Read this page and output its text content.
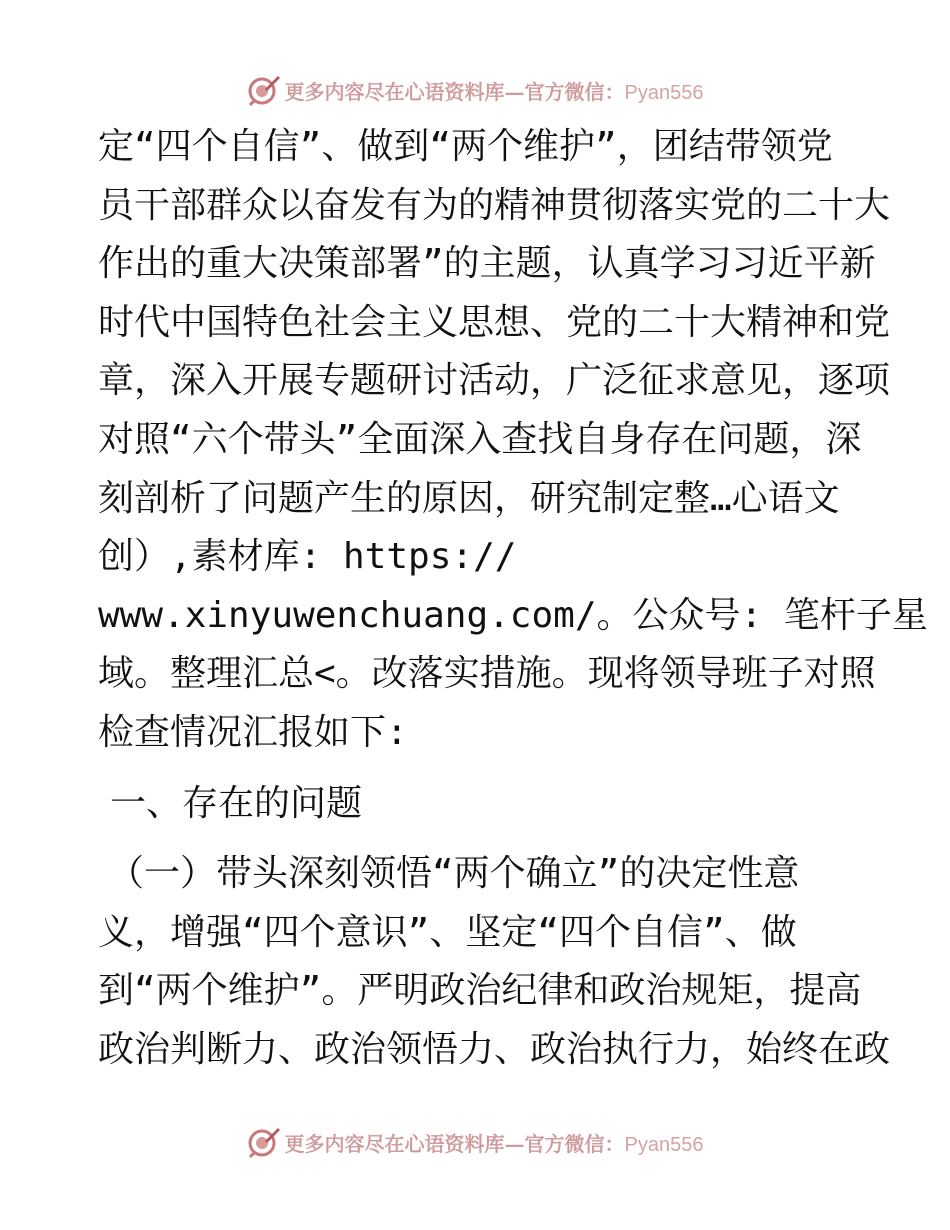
更多内容尽在心语资料库—官方微信：Pyan556
定“四个自信”、做到“两个维护”，团结带领党
员干部群众以奋发有为的精神贯彻落实党的二十大
作出的重大决策部署”的主题，认真学习习近平新
时代中国特色社会主义思想、党的二十大精神和党
章，深入开展专题研讨活动，广泛征求意见，逐项
对照“六个带头”全面深入查找自身存在问题，深
刻剖析了问题产生的原因，研究制定整…心语文
创）,素材库: https://
www.xinyuwenchuang.com/。公众号: 笔杆子星
域。整理汇总<。改落实措施。现将领导班子对照
检查情况汇报如下:
一、存在的问题
（一）带头深刻领悟“两个确立”的决定性意
义，增强“四个意识”、坚定“四个自信”、做
到“两个维护”。严明政治纪律和政治规矩，提高
政治判断力、政治领悟力、政治执行力，始终在政
更多内容尽在心语资料库—官方微信：Pyan556
